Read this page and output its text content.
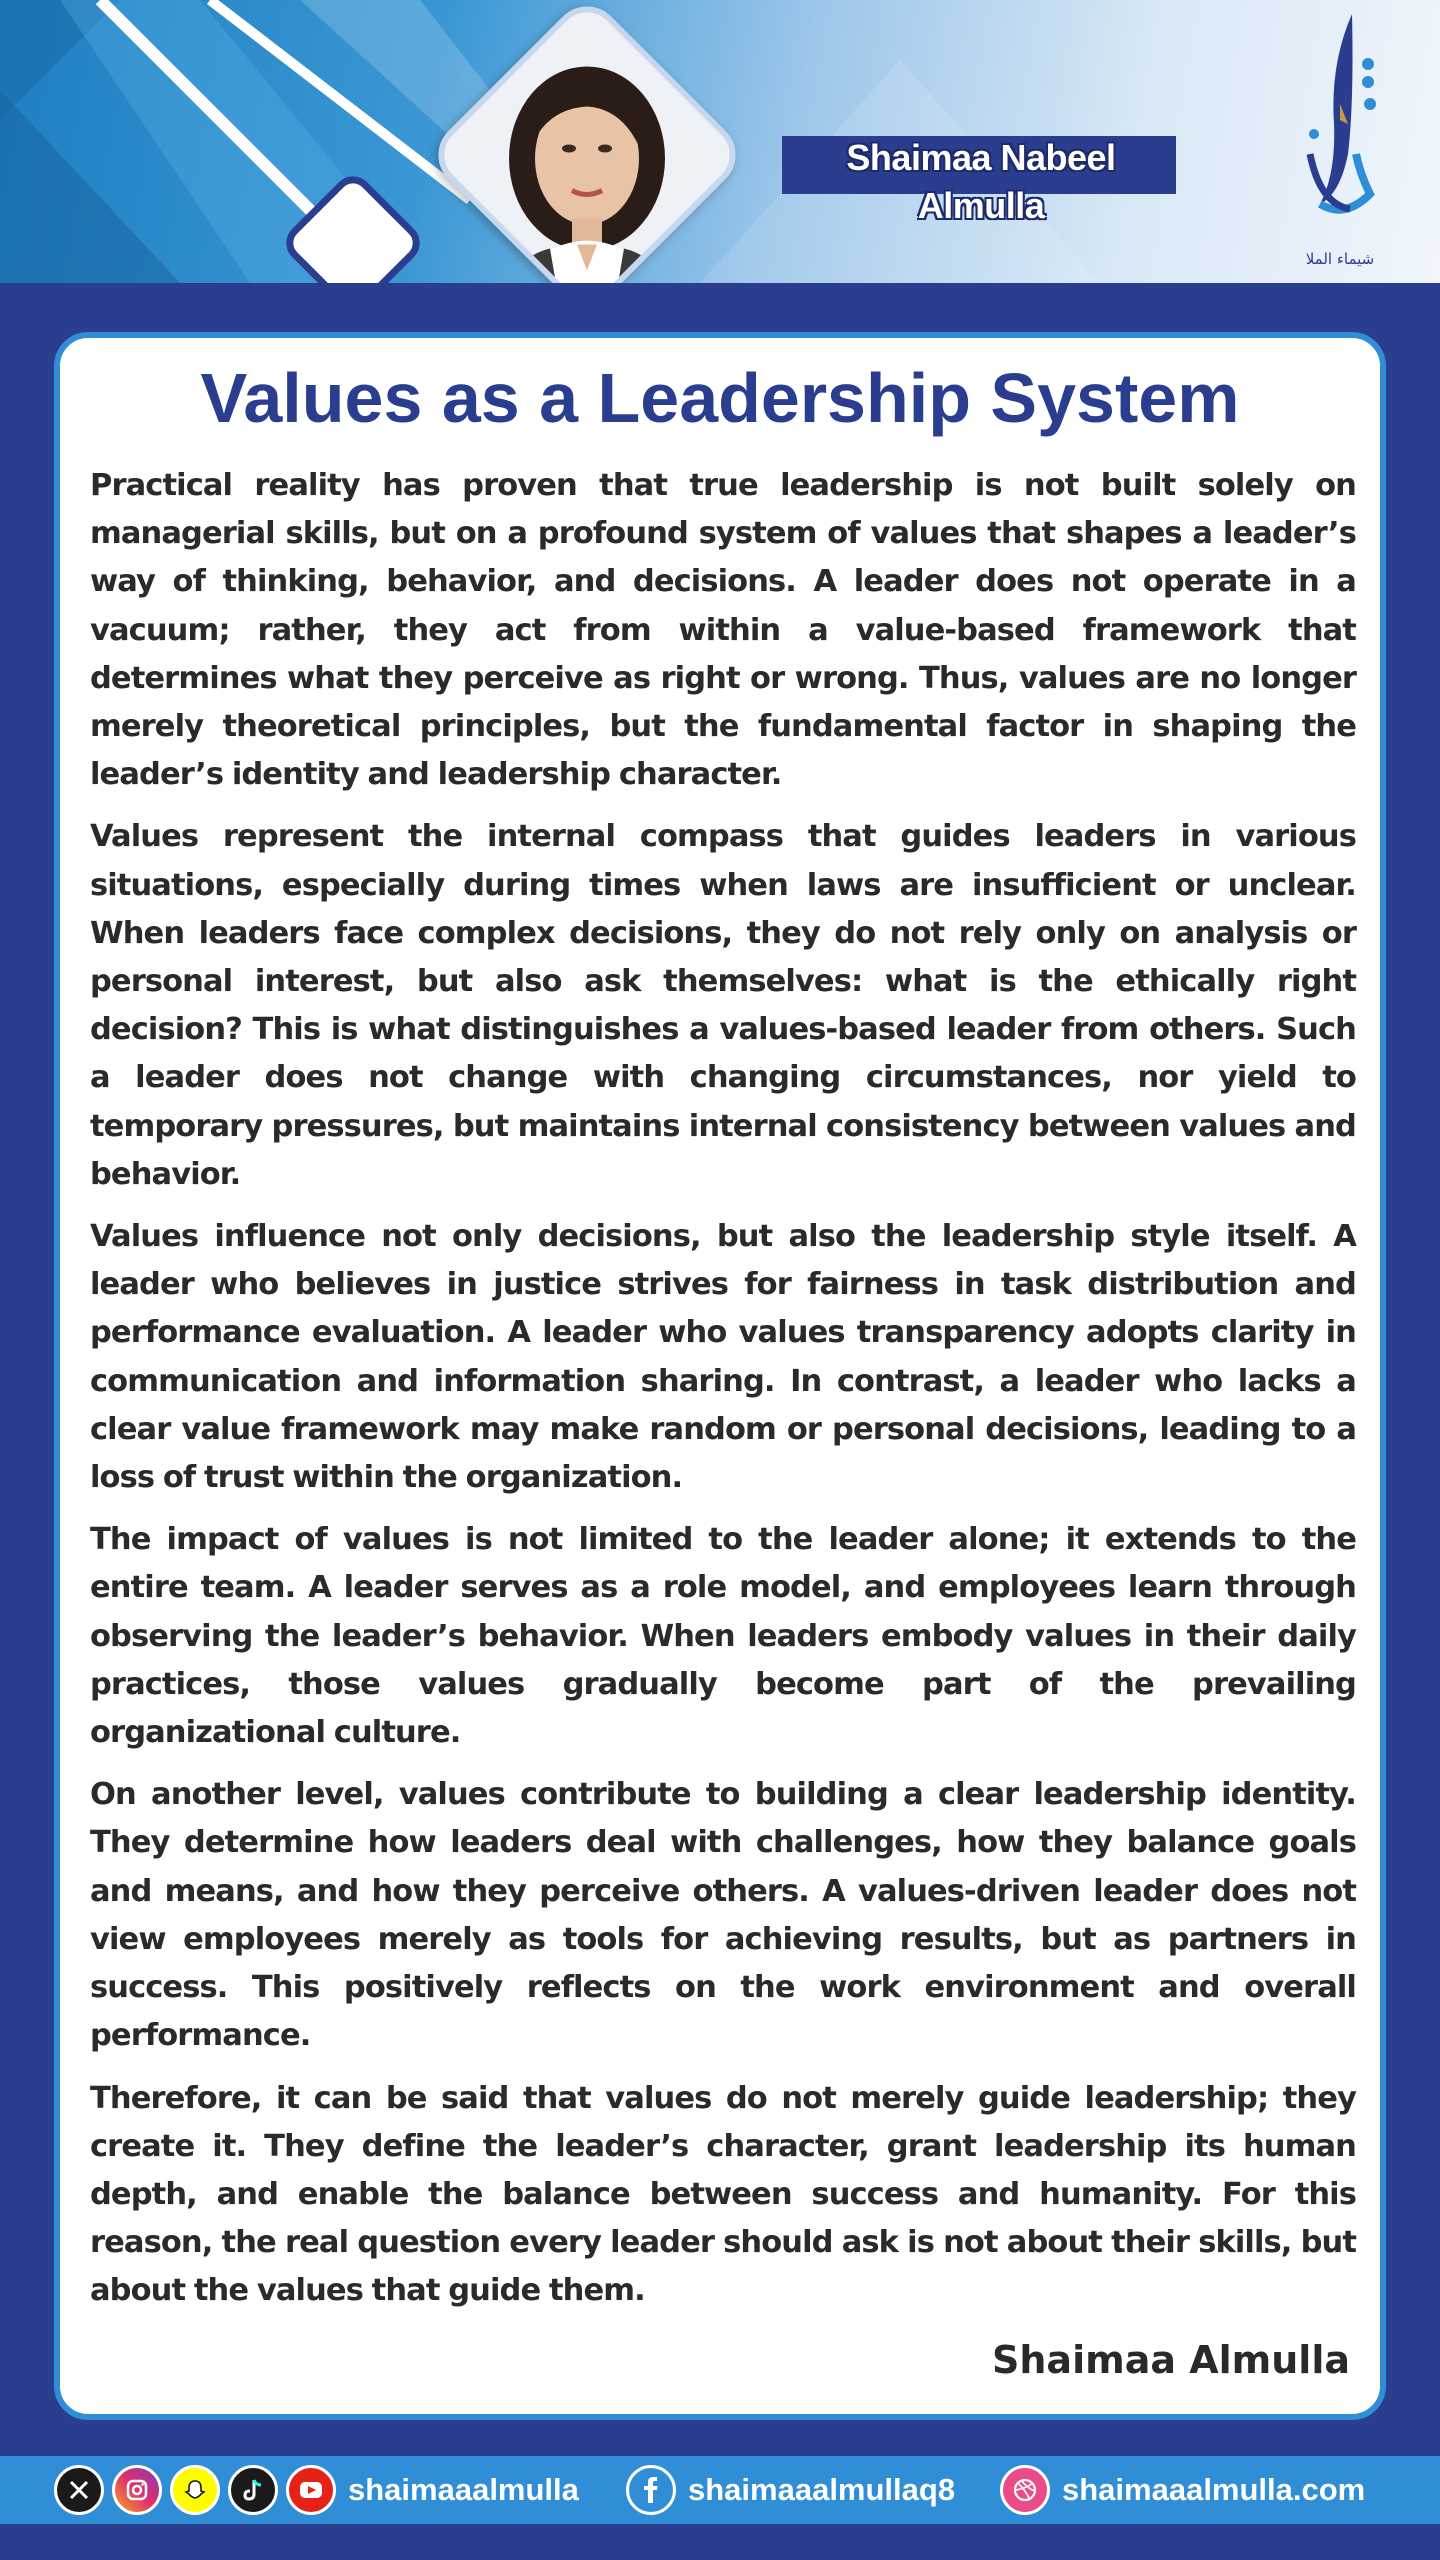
Shaimaa Nabeel Almulla
شيماء الملا
Values as a Leadership System

Practical reality has proven that true leadership is not built solely on managerial skills, but on a profound system of values that shapes a leader’s way of thinking, behavior, and decisions. A leader does not operate in a vacuum; rather, they act from within a value-based framework that determines what they perceive as right or wrong. Thus, values are no longer merely theoretical principles, but the fundamental factor in shaping the leader’s identity and leadership character.

Values represent the internal compass that guides leaders in various situations, especially during times when laws are insufficient or unclear. When leaders face complex decisions, they do not rely only on analysis or personal interest, but also ask themselves: what is the ethically right decision? This is what distinguishes a values-based leader from others. Such a leader does not change with changing circumstances, nor yield to temporary pressures, but maintains internal consistency between values and behavior.

Values influence not only decisions, but also the leadership style itself. A leader who believes in justice strives for fairness in task distribution and performance evaluation. A leader who values transparency adopts clarity in communication and information sharing. In contrast, a leader who lacks a clear value framework may make random or personal decisions, leading to a loss of trust within the organization.

The impact of values is not limited to the leader alone; it extends to the entire team. A leader serves as a role model, and employees learn through observing the leader’s behavior. When leaders embody values in their daily practices, those values gradually become part of the prevailing organizational culture.

On another level, values contribute to building a clear leadership identity. They determine how leaders deal with challenges, how they balance goals and means, and how they perceive others. A values-driven leader does not view employees merely as tools for achieving results, but as partners in success. This positively reflects on the work environment and overall performance.

Therefore, it can be said that values do not merely guide leadership; they create it. They define the leader’s character, grant leadership its human depth, and enable the balance between success and humanity. For this reason, the real question every leader should ask is not about their skills, but about the values that guide them.

Shaimaa Almulla
shaimaaalmulla	shaimaaalmullaq8	shaimaaalmulla.com
